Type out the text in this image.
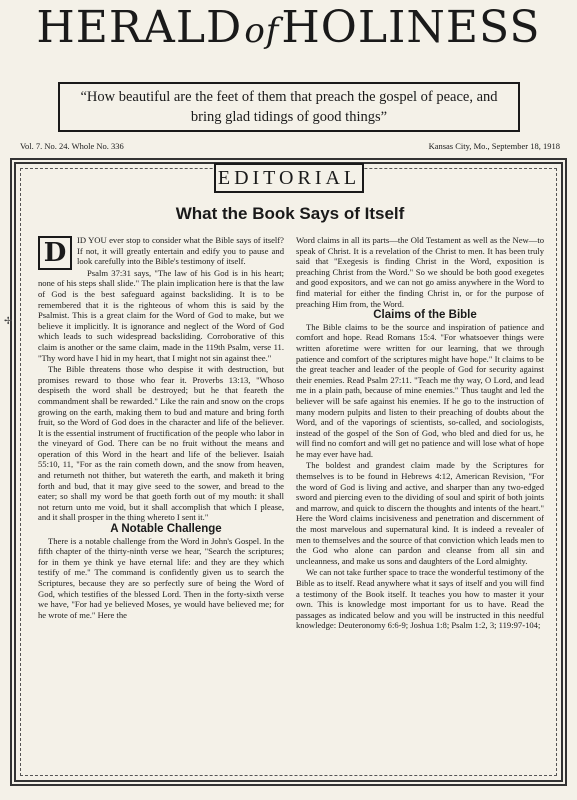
HERALDofHOLINESS
“How beautiful are the feet of them that preach the gospel of peace, and
bring glad tidings of good things”
Vol. 7. No. 24. Whole No. 336	Kansas City, Mo., September 18, 1918
✢
EDITORIAL
What the Book Says of Itself
D	ID YOU ever stop to consider what the Bible says of itself? If not, it will greatly entertain and edify you to pause and look carefully into the Bible's testimony of itself.

Psalm 37:31 says, "The law of his God is in his heart; none of his steps shall slide." The plain implication here is that the law of God is the best safeguard against backsliding. It is to be remembered that it is the righteous of whom this is said by the Psalmist. This is a great claim for the Word of God to make, but we believe it implicitly. It is ignorance and neglect of the Word of God which leads to such widespread backsliding. Corroborative of this claim is another or the same claim, made in the 119th Psalm, verse 11. "Thy word have I hid in my heart, that I might not sin against thee."

The Bible threatens those who despise it with destruction, but promises reward to those who fear it. Proverbs 13:13, "Whoso despiseth the word shall be destroyed; but he that feareth the commandment shall be rewarded." Like the rain and snow on the crops growing on the earth, making them to bud and mature and bring forth fruit, so the Word of God does in the character and life of the believer. It is the essential instrument of fructification of the people who labor in the vineyard of God. There can be no fruit without the means and operation of this Word in the heart and life of the believer. Isaiah 55:10, 11, "For as the rain cometh down, and the snow from heaven, and returneth not thither, but watereth the earth, and maketh it bring forth and bud, that it may give seed to the sower, and bread to the eater; so shall my word be that goeth forth out of my mouth: it shall not return unto me void, but it shall accomplish that which I please, and it shall prosper in the thing whereto I sent it."

A Notable Challenge

There is a notable challenge from the Word in John's Gospel. In the fifth chapter of the thirty-ninth verse we hear, "Search the scriptures; for in them ye think ye have eternal life: and they are they which testify of me." The command is confidently given us to search the Scriptures, because they are so perfectly sure of being the Word of God, which testifies of the blessed Lord. Then in the forty-sixth verse we have, "For had ye believed Moses, ye would have believed me; for he wrote of me." Here the

Word claims in all its parts—the Old Testament as well as the New—to speak of Christ. It is a revelation of the Christ to men. It has been truly said that "Exegesis is finding Christ in the Word, exposition is preaching Christ from the Word." So we should be both good exegetes and good expositors, and we can not go amiss anywhere in the Word to find material for either the finding Christ in, or for the purpose of preaching Him from, the Word.

Claims of the Bible

The Bible claims to be the source and inspiration of patience and comfort and hope. Read Romans 15:4. "For whatsoever things were written aforetime were written for our learning, that we through patience and comfort of the scriptures might have hope." It claims to be the great teacher and leader of the people of God for security against their enemies. Read Psalm 27:11. "Teach me thy way, O Lord, and lead me in a plain path, because of mine enemies." Thus taught and led the believer will be safe against his enemies. If he go to the instruction of many modern pulpits and listen to their preaching of doubts about the Word, and of the vaporings of scientists, so-called, and sociologists, instead of the gospel of the Son of God, who bled and died for us, he will find no comfort and will get no patience and will lose what of hope he may ever have had.

The boldest and grandest claim made by the Scriptures for themselves is to be found in Hebrews 4:12, American Revision, "For the word of God is living and active, and sharper than any two-edged sword and piercing even to the dividing of soul and spirit of both joints and marrow, and quick to discern the thoughts and intents of the heart." Here the Word claims incisiveness and penetration and discernment of the most marvelous and supernatural kind. It is indeed a revealer of men to themselves and the source of that conviction which leads men to the God who alone can pardon and cleanse from all sin and uncleanness, and make us sons and daughters of the Lord almighty.

We can not take further space to trace the wonderful testimony of the Bible as to itself. Read anywhere what it says of itself and you will find a testimony of the Book itself. It teaches you how to master it your own. This is knowledge most important for us to have. Read the passages as indicated below and you will be instructed in this needful knowledge: Deuteronomy 6:6-9; Joshua 1:8; Psalm 1:2, 3; 119:97-104;
